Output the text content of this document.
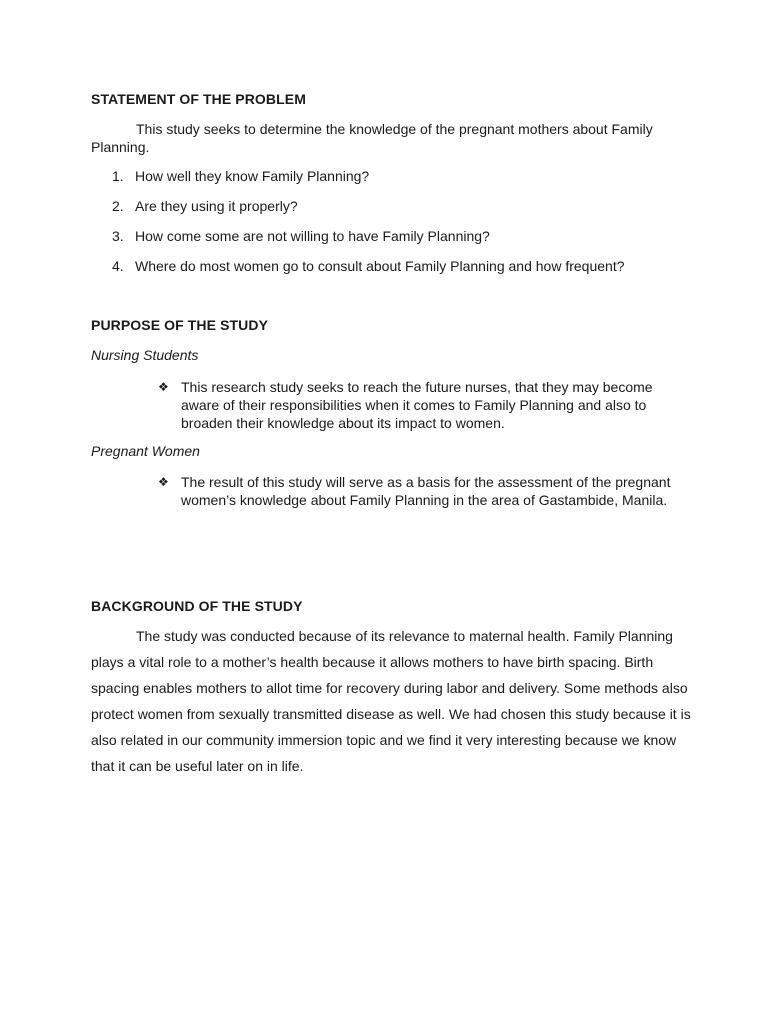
STATEMENT OF THE PROBLEM
This study seeks to determine the knowledge of the pregnant mothers about Family Planning.
1. How well they know Family Planning?
2. Are they using it properly?
3. How come some are not willing to have Family Planning?
4. Where do most women go to consult about Family Planning and how frequent?
PURPOSE OF THE STUDY
Nursing Students
❖ This research study seeks to reach the future nurses, that they may become aware of their responsibilities when it comes to Family Planning and also to broaden their knowledge about its impact to women.
Pregnant Women
❖ The result of this study will serve as a basis for the assessment of the pregnant women’s knowledge about Family Planning in the area of Gastambide, Manila.
BACKGROUND OF THE STUDY
The study was conducted because of its relevance to maternal health. Family Planning plays a vital role to a mother’s health because it allows mothers to have birth spacing. Birth spacing enables mothers to allot time for recovery during labor and delivery. Some methods also protect women from sexually transmitted disease as well. We had chosen this study because it is also related in our community immersion topic and we find it very interesting because we know that it can be useful later on in life.
